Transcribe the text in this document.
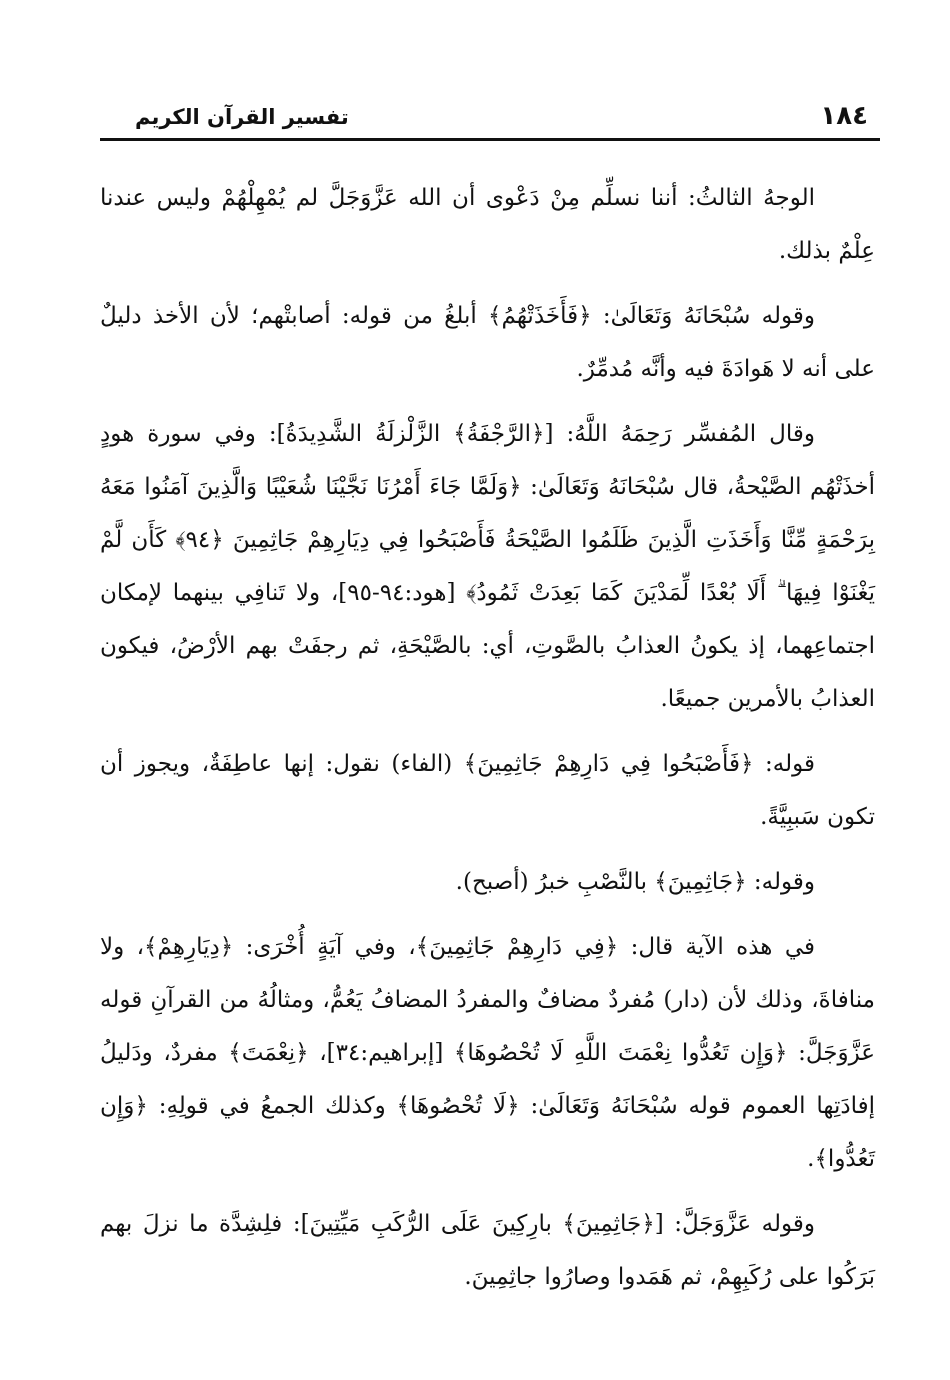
١٨٤
تفسير القرآن الكريم

الوجهُ الثالثُ: أننا نسلِّم مِنْ دَعْوى أن الله عَزَّوَجَلَّ لم يُمْهِلْهُمْ وليس عندنا عِلْمٌ بذلك.

وقوله سُبْحَانَهُ وَتَعَالَىٰ: ﴿فَأَخَذَتْهُمُ﴾ أبلغُ من قوله: أصابتْهم؛ لأن الأخذ دليلٌ على أنه لا هَوادَةَ فيه وأنَّه مُدمِّرٌ.

وقال المُفسِّر رَحِمَهُ اللَّهُ: [﴿الرَّجْفَةُ﴾ الزَّلْزلَةُ الشَّدِيدَةُ]: وفي سورة هودٍ أخذَتْهُم الصَّيْحةُ، قال سُبْحَانَهُ وَتَعَالَىٰ: ﴿وَلَمَّا جَاءَ أَمْرُنَا نَجَّيْنَا شُعَيْبًا وَالَّذِينَ آمَنُوا مَعَهُ بِرَحْمَةٍ مِّنَّا وَأَخَذَتِ الَّذِينَ ظَلَمُوا الصَّيْحَةُ فَأَصْبَحُوا فِي دِيَارِهِمْ جَاثِمِينَ ﴿٩٤﴾ كَأَن لَّمْ يَغْنَوْا فِيهَا ۗ أَلَا بُعْدًا لِّمَدْيَنَ كَمَا بَعِدَتْ ثَمُودُ﴾ [هود:٩٤-٩٥]، ولا تَنافِي بينهما لإمكان اجتماعِهما، إذ يكونُ العذابُ بالصَّوتِ، أي: بالصَّيْحَةِ، ثم رجفَتْ بهم الأرْضُ، فيكون العذابُ بالأمرين جميعًا.

قوله: ﴿فَأَصْبَحُوا فِي دَارِهِمْ جَاثِمِينَ﴾ (الفاء) نقول: إنها عاطِفَةٌ، ويجوز أن تكون سَببِيَّةً.

وقوله: ﴿جَاثِمِينَ﴾ بالنَّصْبِ خبرُ (أصبح).

في هذه الآية قال: ﴿فِي دَارِهِمْ جَاثِمِينَ﴾، وفي آيَةٍ أُخْرَى: ﴿دِيَارِهِمْ﴾، ولا منافاةَ، وذلك لأن (دار) مُفردٌ مضافٌ والمفردُ المضافُ يَعُمُّ، ومثالُهُ من القرآنِ قوله عَزَّوَجَلَّ: ﴿وَإِن تَعُدُّوا نِعْمَتَ اللَّهِ لَا تُحْصُوهَا﴾ [إبراهيم:٣٤]، ﴿نِعْمَتَ﴾ مفردٌ، ودَليلُ إفادَتِها العموم قوله سُبْحَانَهُ وَتَعَالَىٰ: ﴿لَا تُحْصُوهَا﴾ وكذلك الجمعُ في قولِهِ: ﴿وَإِن تَعُدُّوا﴾.

وقوله عَزَّوَجَلَّ: [﴿جَاثِمِينَ﴾ بارِكِينَ عَلَى الرُّكَبِ مَيِّتِينَ]: فلِشِدَّة ما نزلَ بهم بَرَكُوا على رُكَبِهِمْ، ثم هَمَدوا وصارُوا جاثِمِينَ.
